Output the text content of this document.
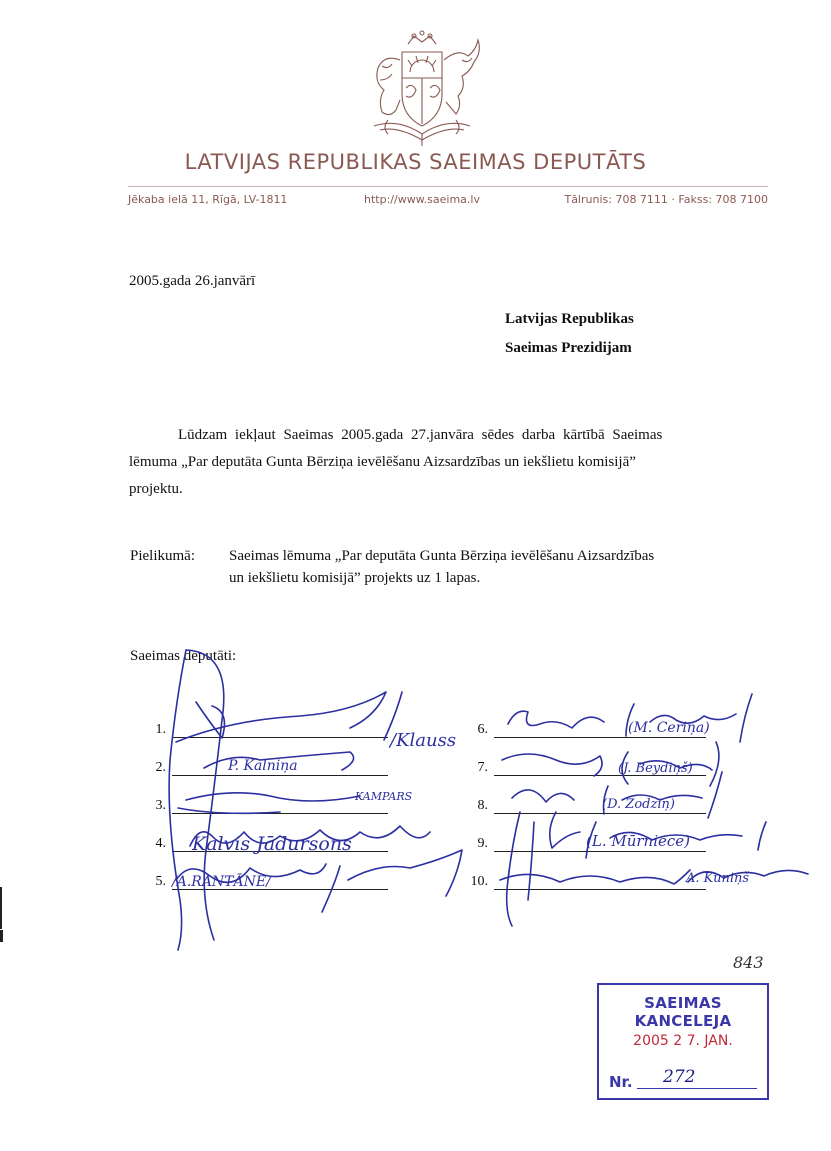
LATVIJAS REPUBLIKAS SAEIMAS DEPUTĀTS
Jēkaba ielā 11, Rīgā, LV-1811	http://www.saeima.lv	Tālrunis: 708 7111 · Fakss: 708 7100
2005.gada 26.janvārī
Latvijas Republikas
Saeimas Prezidijam
Lūdzam iekļaut Saeimas 2005.gada 27.janvāra sēdes darba kārtībā Saeimas
lēmuma „Par deputāta Gunta Bērziņa ievēlēšanu Aizsardzības un iekšlietu komisijā”
projektu.
Pielikumā: Saeimas lēmuma „Par deputāta Gunta Bērziņa ievēlēšanu Aizsardzības
un iekšlietu komisijā” projekts uz 1 lapas.
Saeimas deputāti:
1.
2.
3.
4.
5.
6.
7.
8.
9.
10.
/Klauss
P. Kalniņa
KAMPARS
Kalvis Jādursons
/A.RANTĀNE/
(M. Ceriņa)
(J. Beydiņš)
(D. Zodziņ)
(L. Mūrniece)
A. Kuniņš
843
SAEIMAS KANCELEJA
2005 2 7. JAN.
Nr. 272
